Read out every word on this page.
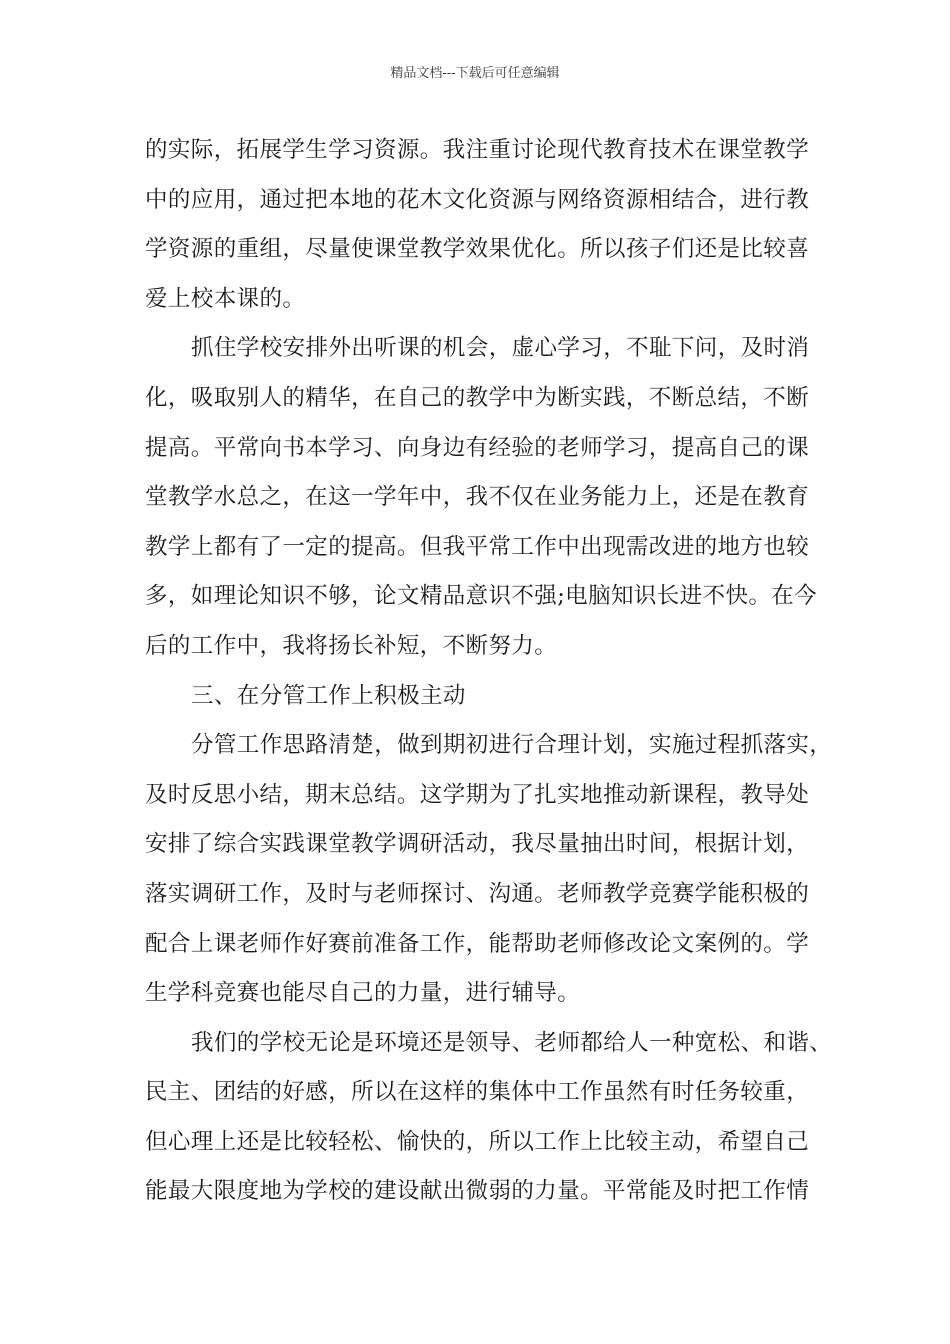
精品文档---下载后可任意编辑
的实际，拓展学生学习资源。我注重讨论现代教育技术在课堂教学
中的应用，通过把本地的花木文化资源与网络资源相结合，进行教
学资源的重组，尽量使课堂教学效果优化。所以孩子们还是比较喜
爱上校本课的。
抓住学校安排外出听课的机会，虚心学习，不耻下问，及时消
化，吸取别人的精华，在自己的教学中为断实践，不断总结，不断
提高。平常向书本学习、向身边有经验的老师学习，提高自己的课
堂教学水总之，在这一学年中，我不仅在业务能力上，还是在教育
教学上都有了一定的提高。但我平常工作中出现需改进的地方也较
多，如理论知识不够，论文精品意识不强;电脑知识长进不快。在今
后的工作中，我将扬长补短，不断努力。
三、在分管工作上积极主动
分管工作思路清楚，做到期初进行合理计划，实施过程抓落实，
及时反思小结，期末总结。这学期为了扎实地推动新课程，教导处
安排了综合实践课堂教学调研活动，我尽量抽出时间，根据计划，
落实调研工作，及时与老师探讨、沟通。老师教学竞赛学能积极的
配合上课老师作好赛前准备工作，能帮助老师修改论文案例的。学
生学科竞赛也能尽自己的力量，进行辅导。
我们的学校无论是环境还是领导、老师都给人一种宽松、和谐、
民主、团结的好感，所以在这样的集体中工作虽然有时任务较重，
但心理上还是比较轻松、愉快的，所以工作上比较主动，希望自己
能最大限度地为学校的建设献出微弱的力量。平常能及时把工作情
